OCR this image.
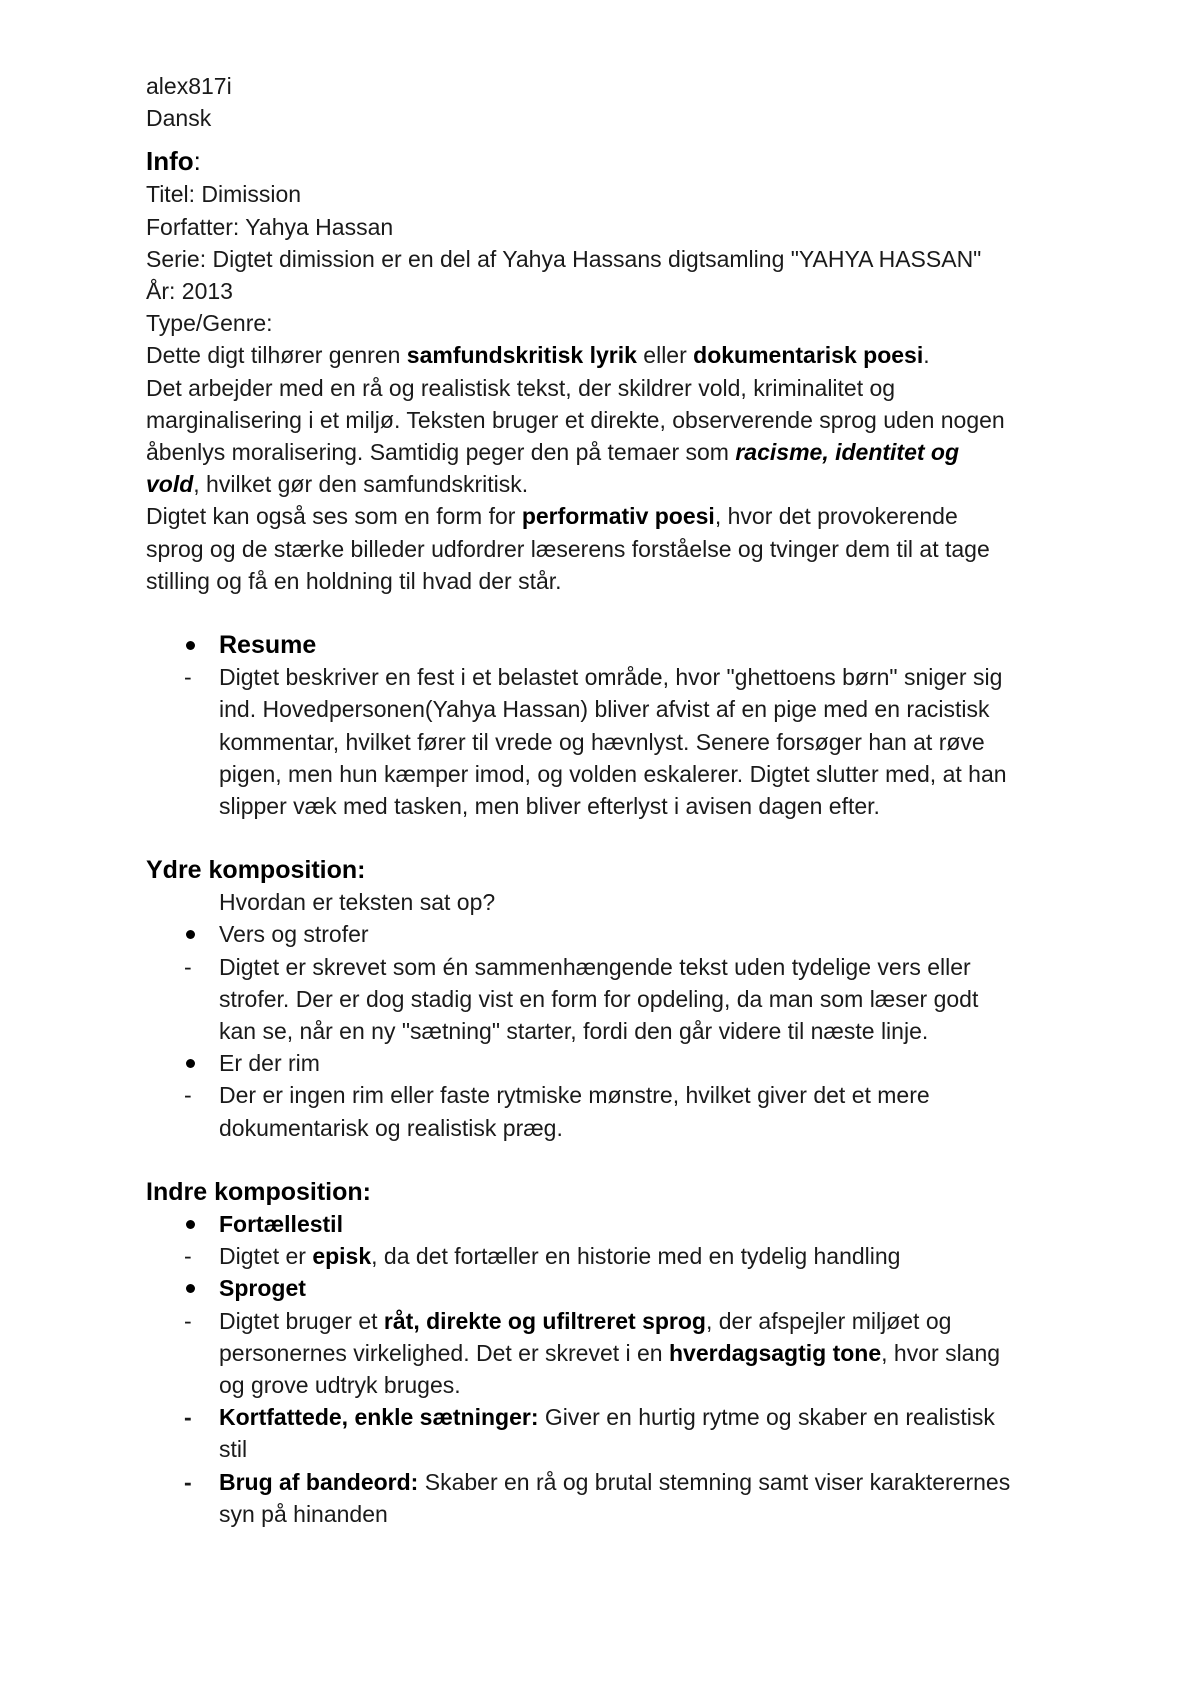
alex817i
Dansk
Info:
Titel: Dimission
Forfatter: Yahya Hassan
Serie: Digtet dimission er en del af Yahya Hassans digtsamling "YAHYA HASSAN"
År: 2013
Type/Genre:
Dette digt tilhører genren samfundskritisk lyrik eller dokumentarisk poesi.
Det arbejder med en rå og realistisk tekst, der skildrer vold, kriminalitet og
marginalisering i et miljø. Teksten bruger et direkte, observerende sprog uden nogen
åbenlys moralisering. Samtidig peger den på temaer som racisme, identitet og
vold, hvilket gør den samfundskritisk.
Digtet kan også ses som en form for performativ poesi, hvor det provokerende
sprog og de stærke billeder udfordrer læserens forståelse og tvinger dem til at tage
stilling og få en holdning til hvad der står.
Resume
Digtet beskriver en fest i et belastet område, hvor "ghettoens børn" sniger sig
ind. Hovedpersonen(Yahya Hassan) bliver afvist af en pige med en racistisk
kommentar, hvilket fører til vrede og hævnlyst. Senere forsøger han at røve
pigen, men hun kæmper imod, og volden eskalerer. Digtet slutter med, at han
slipper væk med tasken, men bliver efterlyst i avisen dagen efter.
Ydre komposition:
Hvordan er teksten sat op?
Vers og strofer
Digtet er skrevet som én sammenhængende tekst uden tydelige vers eller
strofer. Der er dog stadig vist en form for opdeling, da man som læser godt
kan se, når en ny "sætning" starter, fordi den går videre til næste linje.
Er der rim
Der er ingen rim eller faste rytmiske mønstre, hvilket giver det et mere
dokumentarisk og realistisk præg.
Indre komposition:
Fortællestil
Digtet er episk, da det fortæller en historie med en tydelig handling
Sproget
Digtet bruger et råt, direkte og ufiltreret sprog, der afspejler miljøet og
personernes virkelighed. Det er skrevet i en hverdagsagtig tone, hvor slang
og grove udtryk bruges.
Kortfattede, enkle sætninger: Giver en hurtig rytme og skaber en realistisk
stil
Brug af bandeord: Skaber en rå og brutal stemning samt viser karakterernes
syn på hinanden
